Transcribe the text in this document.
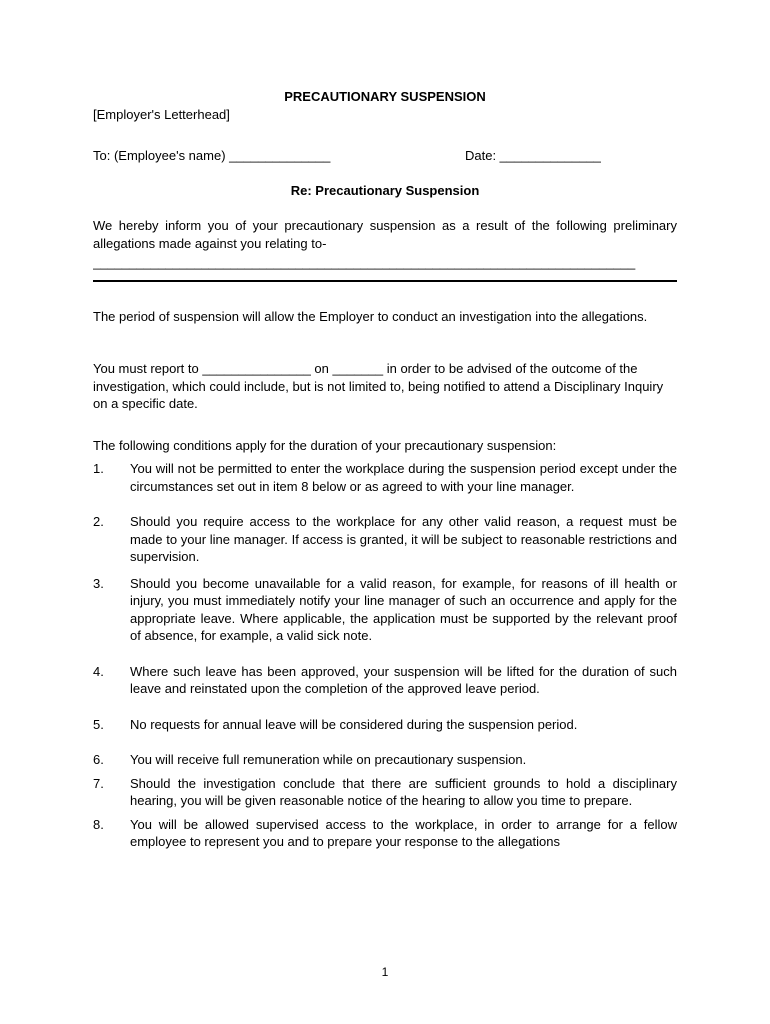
PRECAUTIONARY SUSPENSION

[Employer's Letterhead]

To: (Employee's name) ______________	Date: ______________

Re: Precautionary Suspension

We hereby inform you of your precautionary suspension as a result of the following preliminary allegations made against you relating to-

___________________________________________________________________________

The period of suspension will allow the Employer to conduct an investigation into the allegations.

You must report to _______________ on _______ in order to be advised of the outcome of the investigation, which could include, but is not limited to, being notified to attend a Disciplinary Inquiry on a specific date.

The following conditions apply for the duration of your precautionary suspension:

1. You will not be permitted to enter the workplace during the suspension period except under the circumstances set out in item 8 below or as agreed to with your line manager.
2. Should you require access to the workplace for any other valid reason, a request must be made to your line manager. If access is granted, it will be subject to reasonable restrictions and supervision.
3. Should you become unavailable for a valid reason, for example, for reasons of ill health or injury, you must immediately notify your line manager of such an occurrence and apply for the appropriate leave. Where applicable, the application must be supported by the relevant proof of absence, for example, a valid sick note.
4. Where such leave has been approved, your suspension will be lifted for the duration of such leave and reinstated upon the completion of the approved leave period.
5. No requests for annual leave will be considered during the suspension period.
6. You will receive full remuneration while on precautionary suspension.
7. Should the investigation conclude that there are sufficient grounds to hold a disciplinary hearing, you will be given reasonable notice of the hearing to allow you time to prepare.
8. You will be allowed supervised access to the workplace, in order to arrange for a fellow employee to represent you and to prepare your response to the allegations
1
